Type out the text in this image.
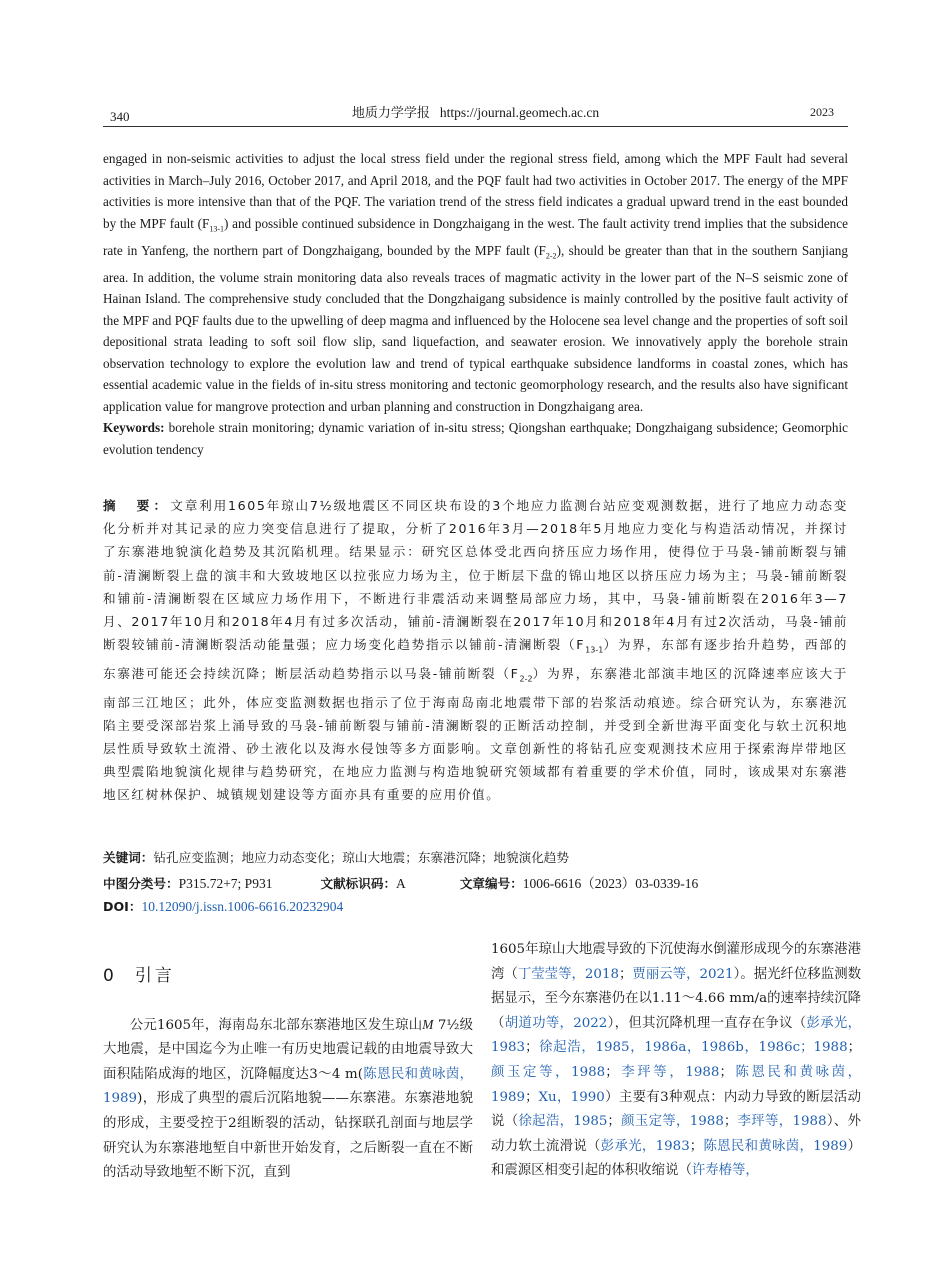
340	地质力学学报 https://journal.geomech.ac.cn	2023

engaged in non-seismic activities to adjust the local stress field under the regional stress field, among which the MPF Fault had several activities in March–July 2016, October 2017, and April 2018, and the PQF fault had two activities in October 2017. The energy of the MPF activities is more intensive than that of the PQF. The variation trend of the stress field indicates a gradual upward trend in the east bounded by the MPF fault $(F_{13-1})$ and possible continued subsidence in Dongzhaigang in the west. The fault activity trend implies that the subsidence rate in Yanfeng, the northern part of Dongzhaigang, bounded by the MPF fault $(F_{2-2})$, should be greater than that in the southern Sanjiang area. In addition, the volume strain monitoring data also reveals traces of magmatic activity in the lower part of the N–S seismic zone of Hainan Island. The comprehensive study concluded that the Dongzhaigang subsidence is mainly controlled by the positive fault activity of the MPF and PQF faults due to the upwelling of deep magma and influenced by the Holocene sea level change and the properties of soft soil depositional strata leading to soft soil flow slip, sand liquefaction, and seawater erosion. We innovatively apply the borehole strain observation technology to explore the evolution law and trend of typical earthquake subsidence landforms in coastal zones, which has essential academic value in the fields of in-situ stress monitoring and tectonic geomorphology research, and the results also have significant application value for mangrove protection and urban planning and construction in Dongzhaigang area.

Keywords: borehole strain monitoring; dynamic variation of in-situ stress; Qiongshan earthquake; Dongzhaigang subsidence; Geomorphic evolution tendency

摘　要：文章利用1605年琼山7½级地震区不同区块布设的3个地应力监测台站应变观测数据，进行了地应力动态变化分析并对其记录的应力突变信息进行了提取，分析了2016年3月—2018年5月地应力变化与构造活动情况，并探讨了东寨港地貌演化趋势及其沉陷机理。结果显示：研究区总体受北西向挤压应力场作用，使得位于马袅-铺前断裂与铺前-清澜断裂上盘的演丰和大致坡地区以拉张应力场为主，位于断层下盘的锦山地区以挤压应力场为主；马袅-铺前断裂和铺前-清澜断裂在区域应力场作用下，不断进行非震活动来调整局部应力场，其中，马袅-铺前断裂在2016年3—7月、2017年10月和2018年4月有过多次活动，铺前-清澜断裂在2017年10月和2018年4月有过2次活动，马袅-铺前断裂较铺前-清澜断裂活动能量强；应力场变化趋势指示以铺前-清澜断裂$(F_{13-1})$为界，东部有逐步抬升趋势，西部的东寨港可能还会持续沉降；断层活动趋势指示以马袅-铺前断裂$(F_{2-2})$为界，东寨港北部演丰地区的沉降速率应该大于南部三江地区；此外，体应变监测数据也指示了位于海南岛南北地震带下部的岩浆活动痕迹。综合研究认为，东寨港沉陷主要受深部岩浆上涌导致的马袅-铺前断裂与铺前-清澜断裂的正断活动控制，并受到全新世海平面变化与软土沉积地层性质导致软土流滑、砂土液化以及海水侵蚀等多方面影响。文章创新性的将钻孔应变观测技术应用于探索海岸带地区典型震陷地貌演化规律与趋势研究，在地应力监测与构造地貌研究领域都有着重要的学术价值，同时，该成果对东寨港地区红树林保护、城镇规划建设等方面亦具有重要的应用价值。

关键词：钻孔应变监测；地应力动态变化；琼山大地震；东寨港沉降；地貌演化趋势
中图分类号：P315.72+7; P931	文献标识码：A	文章编号：1006-6616（2023）03-0339-16
DOI：10.12090/j.issn.1006-6616.20232904
0 引言

公元1605年，海南岛东北部东寨港地区发生琼山M 7½级大地震，是中国迄今为止唯一有历史地震记载的由地震导致大面积陆陷成海的地区，沉降幅度达3～4 m(陈恩民和黄咏茵，1989)，形成了典型的震后沉陷地貌——东寨港。东寨港地貌的形成，主要受控于2组断裂的活动，钻探联孔剖面与地层学研究认为东寨港地堑自中新世开始发育，之后断裂一直在不断的活动导致地堑不断下沉，直到

1605年琼山大地震导致的下沉使海水倒灌形成现今的东寨港港湾（丁莹莹等，2018；贾丽云等，2021）。据光纤位移监测数据显示，至今东寨港仍在以1.11～4.66 mm/a的速率持续沉降（胡道功等，2022），但其沉降机理一直存在争议（彭承光，1983；徐起浩，1985，1986a，1986b，1986c；1988；颜玉定等，1988；李玶等，1988；陈恩民和黄咏茵，1989；Xu，1990）主要有3种观点：内动力导致的断层活动说（徐起浩，1985；颜玉定等，1988；李玶等，1988）、外动力软土流滑说（彭承光，1983；陈恩民和黄咏茵，1989）和震源区相变引起的体积收缩说（许寿椿等，
